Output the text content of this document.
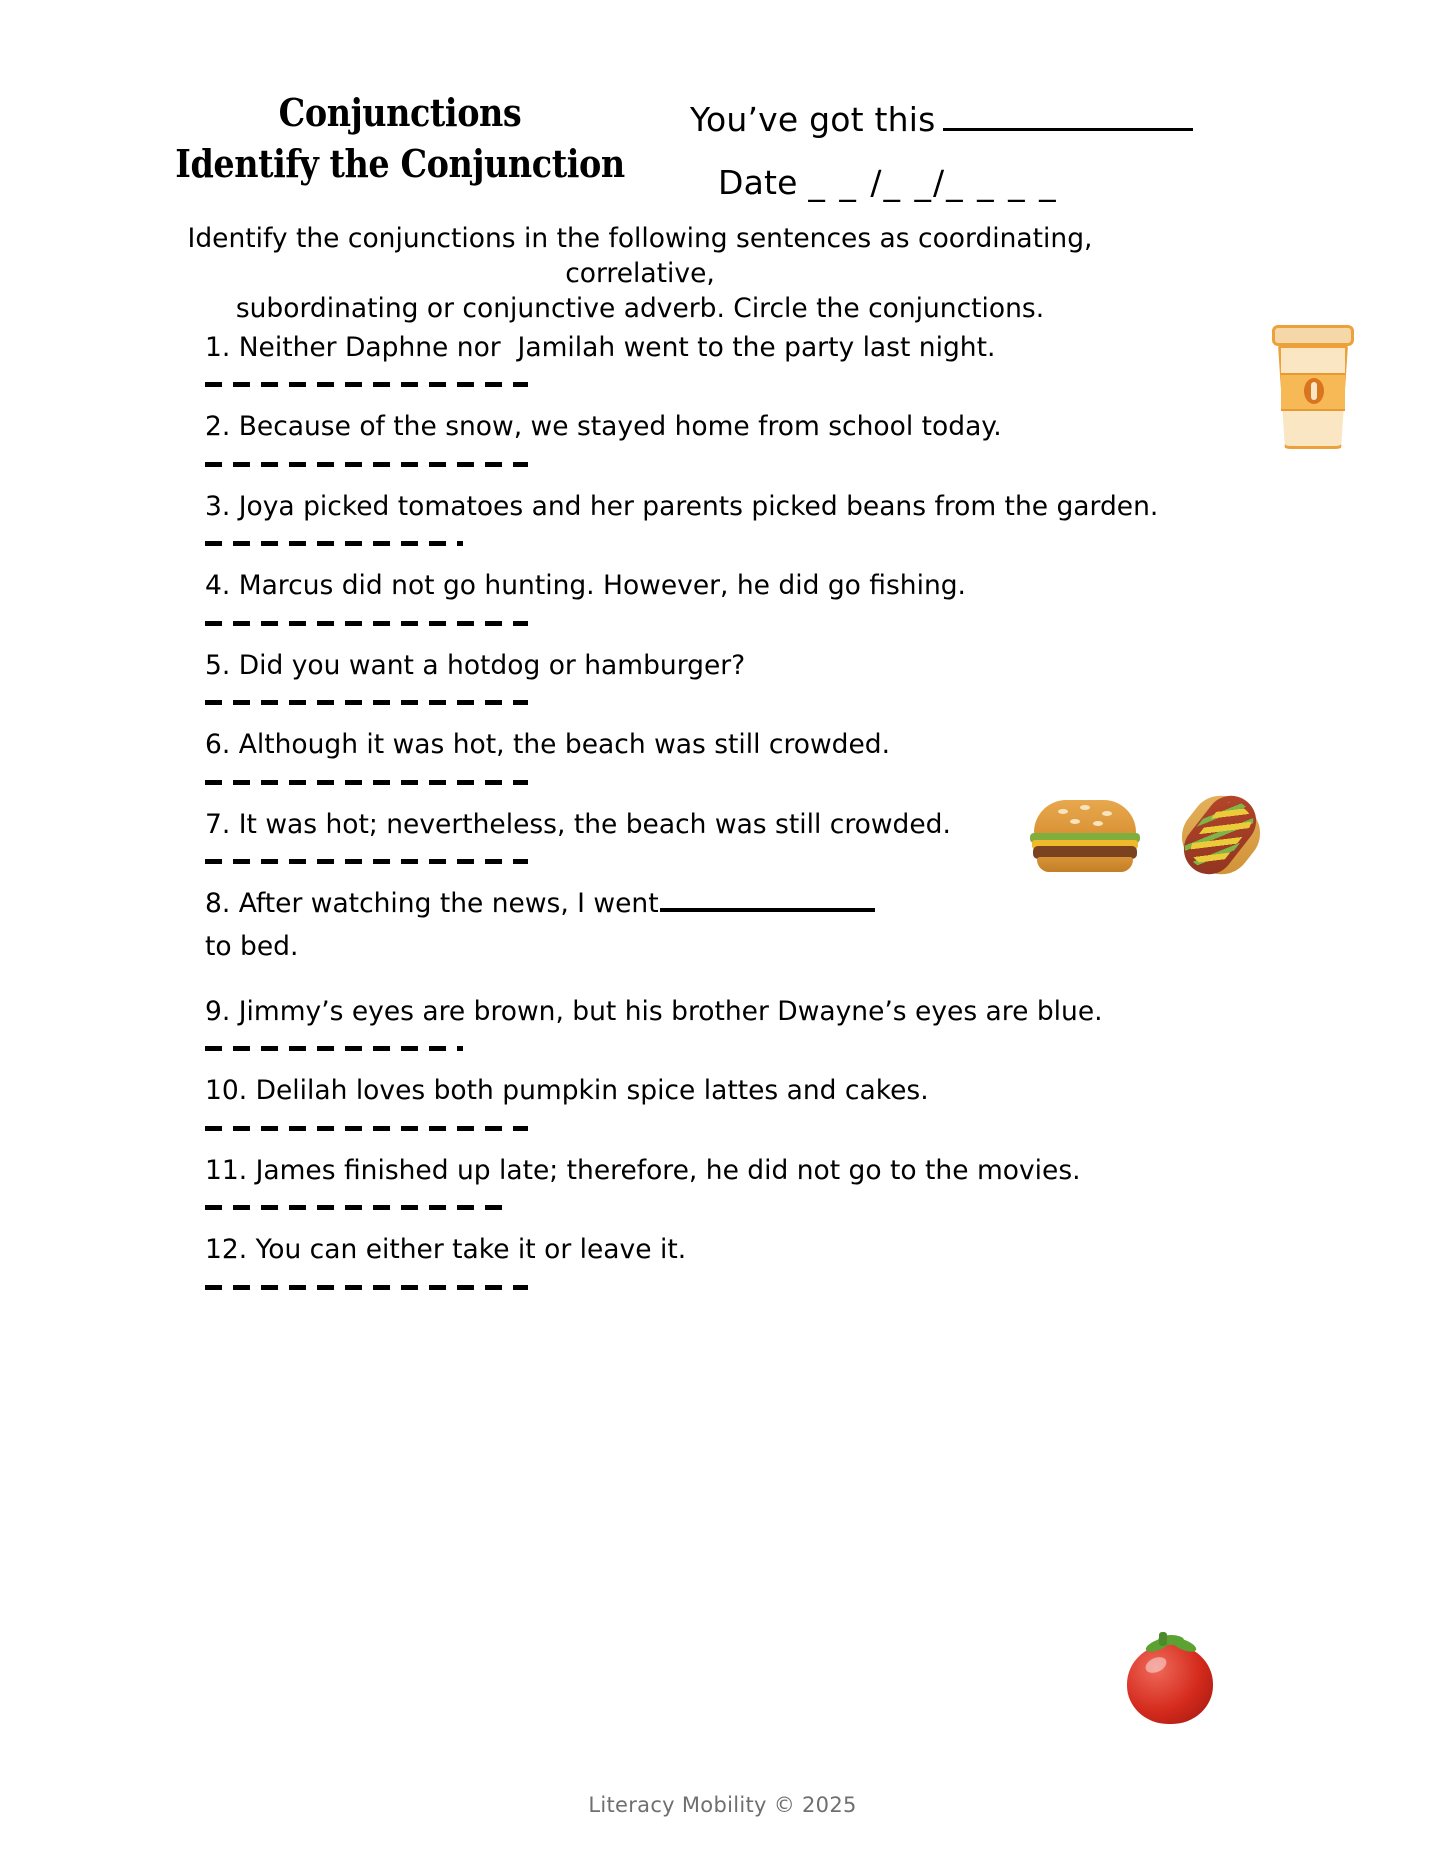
Conjunctions
Identify the Conjunction
You’ve got this
Date _ _ /_ _/_ _ _ _
Identify the conjunctions in the following sentences as coordinating, correlative,
subordinating or conjunctive adverb. Circle the conjunctions.
1. Neither Daphne nor  Jamilah went to the party last night.
2. Because of the snow, we stayed home from school today.
3. Joya picked tomatoes and her parents picked beans from the garden.
4. Marcus did not go hunting. However, he did go fishing.
5. Did you want a hotdog or hamburger?
6. Although it was hot, the beach was still crowded.
7. It was hot; nevertheless, the beach was still crowded.
8. After watching the news, I went
to bed.
9. Jimmy’s eyes are brown, but his brother Dwayne’s eyes are blue.
10. Delilah loves both pumpkin spice lattes and cakes.
11. James finished up late; therefore, he did not go to the movies.
12. You can either take it or leave it.
Literacy Mobility © 2025
